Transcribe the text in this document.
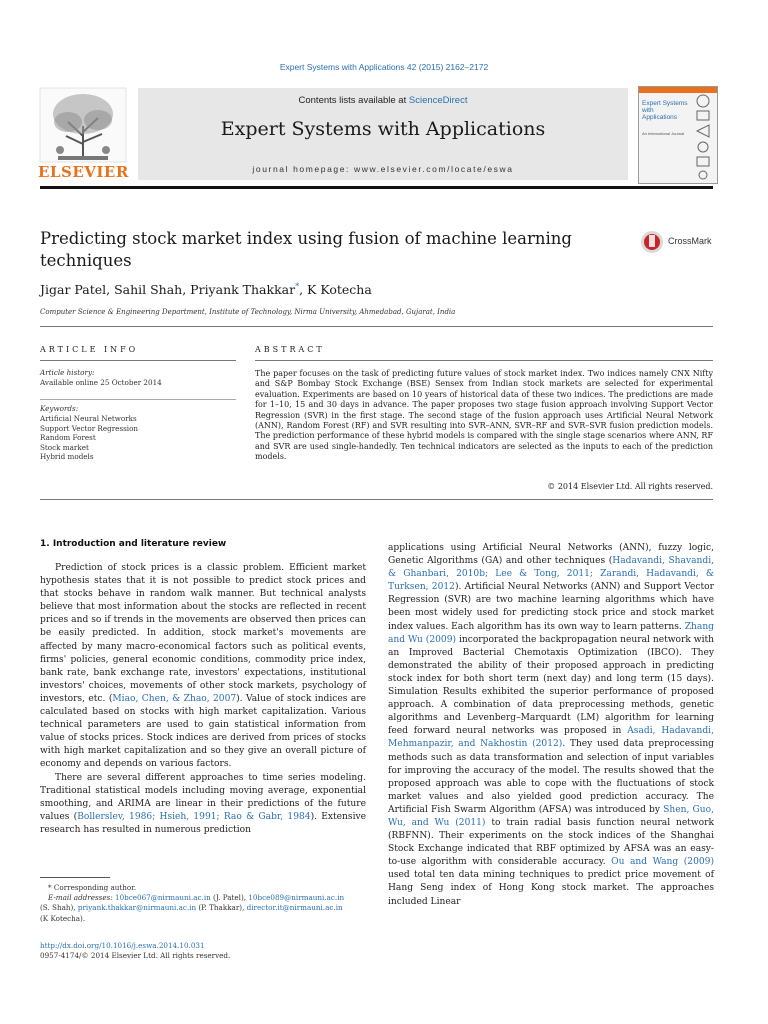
Expert Systems with Applications 42 (2015) 2162–2172
Contents lists available at ScienceDirect
Expert Systems with Applications
journal homepage: www.elsevier.com/locate/eswa
ELSEVIER
Expert Systems with Applications
An International Journal
Predicting stock market index using fusion of machine learning techniques
CrossMark
Jigar Patel, Sahil Shah, Priyank Thakkar*, K Kotecha
Computer Science & Engineering Department, Institute of Technology, Nirma University, Ahmedabad, Gujarat, India
ARTICLE INFO
Article history:
Available online 25 October 2014
Keywords:
Artificial Neural Networks
Support Vector Regression
Random Forest
Stock market
Hybrid models
ABSTRACT
The paper focuses on the task of predicting future values of stock market index. Two indices namely CNX Nifty and S&P Bombay Stock Exchange (BSE) Sensex from Indian stock markets are selected for experimental evaluation. Experiments are based on 10 years of historical data of these two indices. The predictions are made for 1–10, 15 and 30 days in advance. The paper proposes two stage fusion approach involving Support Vector Regression (SVR) in the first stage. The second stage of the fusion approach uses Artificial Neural Network (ANN), Random Forest (RF) and SVR resulting into SVR–ANN, SVR–RF and SVR–SVR fusion prediction models. The prediction performance of these hybrid models is compared with the single stage scenarios where ANN, RF and SVR are used single-handedly. Ten technical indicators are selected as the inputs to each of the prediction models.
© 2014 Elsevier Ltd. All rights reserved.
1. Introduction and literature review

Prediction of stock prices is a classic problem. Efficient market hypothesis states that it is not possible to predict stock prices and that stocks behave in random walk manner. But technical analysts believe that most information about the stocks are reflected in recent prices and so if trends in the movements are observed then prices can be easily predicted. In addition, stock market's movements are affected by many macro-economical factors such as political events, firms' policies, general economic conditions, commodity price index, bank rate, bank exchange rate, investors' expectations, institutional investors' choices, movements of other stock markets, psychology of investors, etc. (Miao, Chen, & Zhao, 2007). Value of stock indices are calculated based on stocks with high market capitalization. Various technical parameters are used to gain statistical information from value of stocks prices. Stock indices are derived from prices of stocks with high market capitalization and so they give an overall picture of economy and depends on various factors.

There are several different approaches to time series modeling. Traditional statistical models including moving average, exponential smoothing, and ARIMA are linear in their predictions of the future values (Bollerslev, 1986; Hsieh, 1991; Rao & Gabr, 1984). Extensive research has resulted in numerous prediction

applications using Artificial Neural Networks (ANN), fuzzy logic, Genetic Algorithms (GA) and other techniques (Hadavandi, Shavandi, & Ghanbari, 2010b; Lee & Tong, 2011; Zarandi, Hadavandi, & Turksen, 2012). Artificial Neural Networks (ANN) and Support Vector Regression (SVR) are two machine learning algorithms which have been most widely used for predicting stock price and stock market index values. Each algorithm has its own way to learn patterns. Zhang and Wu (2009) incorporated the backpropagation neural network with an Improved Bacterial Chemotaxis Optimization (IBCO). They demonstrated the ability of their proposed approach in predicting stock index for both short term (next day) and long term (15 days). Simulation Results exhibited the superior performance of proposed approach. A combination of data preprocessing methods, genetic algorithms and Levenberg–Marquardt (LM) algorithm for learning feed forward neural networks was proposed in Asadi, Hadavandi, Mehmanpazir, and Nakhostin (2012). They used data preprocessing methods such as data transformation and selection of input variables for improving the accuracy of the model. The results showed that the proposed approach was able to cope with the fluctuations of stock market values and also yielded good prediction accuracy. The Artificial Fish Swarm Algorithm (AFSA) was introduced by Shen, Guo, Wu, and Wu (2011) to train radial basis function neural network (RBFNN). Their experiments on the stock indices of the Shanghai Stock Exchange indicated that RBF optimized by AFSA was an easy-to-use algorithm with considerable accuracy. Ou and Wang (2009) used total ten data mining techniques to predict price movement of Hang Seng index of Hong Kong stock market. The approaches included Linear

* Corresponding author.
E-mail addresses: 10bce067@nirmauni.ac.in (J. Patel), 10bce089@nirmauni.ac.in
(S. Shah), priyank.thakkar@nirmauni.ac.in (P. Thakkar), director.it@nirmauni.ac.in
(K Kotecha).
http://dx.doi.org/10.1016/j.eswa.2014.10.031
0957-4174/© 2014 Elsevier Ltd. All rights reserved.
